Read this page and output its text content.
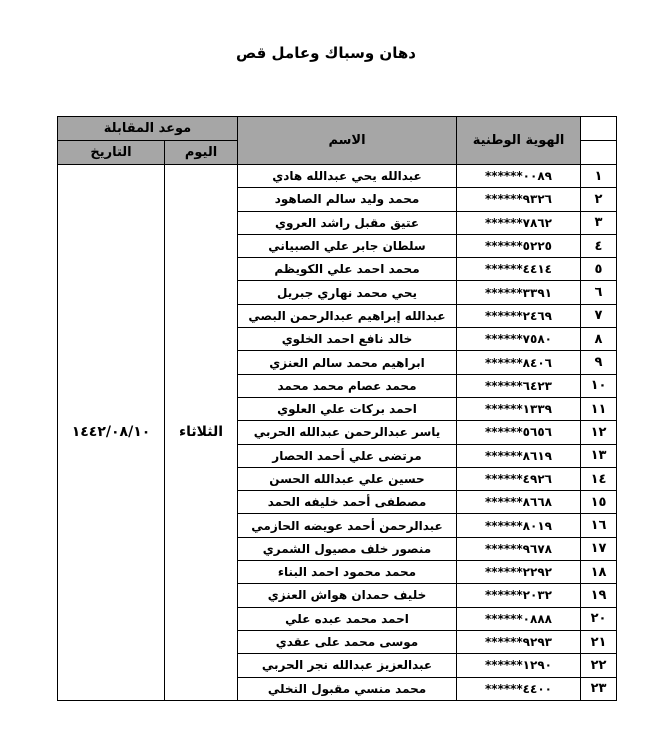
دهان وسباك وعامل قص
	الهوية الوطنية	الاسم	موعد المقابلة	
			اليوم	التاريخ
١	******٠٠٨٩	عبدالله يحي عبدالله هادي	الثلاثاء	١٤٤٢/٠٨/١٠
٢	******٩٣٢٦	محمد وليد سالم الصاهود		
٣	******٧٨٦٢	عتيق مقبل راشد العروي		
٤	******٥٢٢٥	سلطان جابر علي الصبياني		
٥	******٤٤١٤	محمد احمد علي الكويظم		
٦	******٣٣٩١	يحي محمد نهاري جبريل		
٧	******٢٤٦٩	عبدالله إبراهيم عبدالرحمن البصي		
٨	******٧٥٨٠	خالد نافع احمد الخلوي		
٩	******٨٤٠٦	ابراهيم محمد سالم العنزي		
١٠	******٦٤٢٣	محمد عصام محمد محمد		
١١	******١٣٣٩	احمد بركات علي العلوي		
١٢	******٥٦٥٦	ياسر عبدالرحمن عبدالله الحربي		
١٣	******٨٦١٩	مرتضى علي أحمد الحصار		
١٤	******٤٩٢٦	حسين علي عبدالله الحسن		
١٥	******٨٦٦٨	مصطفى أحمد خليفه الحمد		
١٦	******٨٠١٩	عبدالرحمن أحمد عويضه الحازمي		
١٧	******٩٦٧٨	منصور خلف مصيول الشمري		
١٨	******٢٢٩٢	محمد محمود احمد البناء		
١٩	******٢٠٣٢	خليف حمدان هواش العنزي		
٢٠	******٠٨٨٨	احمد محمد عبده علي		
٢١	******٩٢٩٣	موسى محمد على عقدي		
٢٢	******١٢٩٠	عبدالعزيز عبدالله نجر الحربي		
٢٣	******٤٤٠٠	محمد منسي مقبول النخلي		
